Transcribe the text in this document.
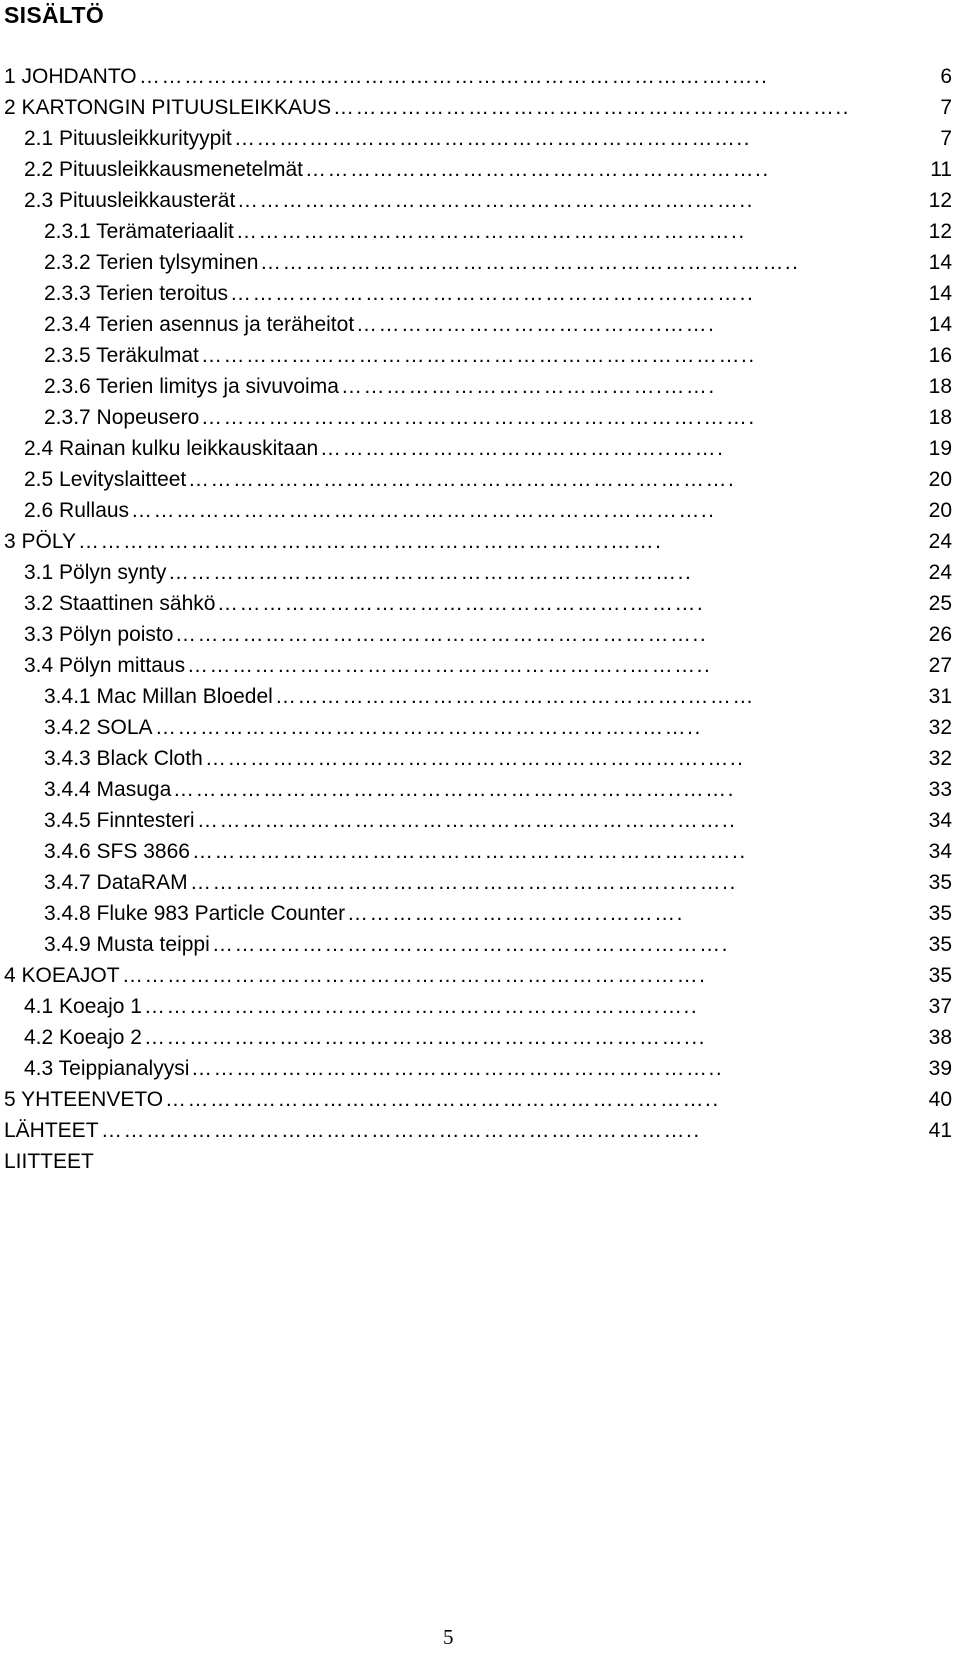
SISÄLTÖ
1 JOHDANTO …………………………………………………………………….…..	6
2 KARTONGIN PITUUSLEIKKAUS …………………………………………………….……..	7
2.1 Pituusleikkurityypit ……….…………………………………………………..	7
2.2 Pituusleikkausmenetelmät ……………………………………………………..	11
2.3 Pituusleikkausterät …………………………………………………….……..	12
2.3.1 Terämateriaalit …………………………………………………………..	12
2.3.2 Terien tylsyminen ……………………………………………………….……..	14
2.3.3 Terien teroitus ……………………………………………………..……..	14
2.3.4 Terien asennus ja teräheitot …………………………………..…….	14
2.3.5 Teräkulmat ………………………………………………………………..	16
2.3.6 Terien limitys ja sivuvoima …………………………………….…….	18
2.3.7 Nopeusero ………………………………………………………….…….	18
2.4 Rainan kulku leikkauskitaan ………………………………………..…….	19
2.5 Levityslaitteet ……………………………………………………………….	20
2.6 Rullaus ……………………………………………………….…………..	20
3 PÖLY ……………………………………………………………..…….	24
3.1 Pölyn synty …………………………………………………..………..	24
3.2 Staattinen sähkö ……………………………………………….……….	25
3.3 Pölyn poisto ……………………………………………………………..	26
3.4 Pölyn mittaus …………………………………………………..………..	27
3.4.1 Mac Millan Bloedel ……………………………………………….………	31
3.4.2 SOLA ………………………………………………………..……..	32
3.4.3 Black Cloth ………………………………………………………….…..	32
3.4.4 Masuga …………………………………………………………..…….	33
3.4.5 Finntesteri ……………………………………………………….……..	34
3.4.6 SFS 3866 ………………………………………………………………..	34
3.4.7 DataRAM ………………………………………………………..……..	35
3.4.8 Fluke 983 Particle Counter ……………………………..……….	35
3.4.9 Musta teippi …………………………………………………..……….	35
4 KOEAJOT ……………………………………………………………..…….	35
4.1 Koeajo 1 …………………………………………………………...…..	37
4.2 Koeajo 2 ………………………………………………………………...	38
4.3 Teippianalyysi ……………………………………………………………..	39
5 YHTEENVETO ………………………………………………………………..	40
LÄHTEET ……………………………………………………………………..	41
LIITTEET
5
